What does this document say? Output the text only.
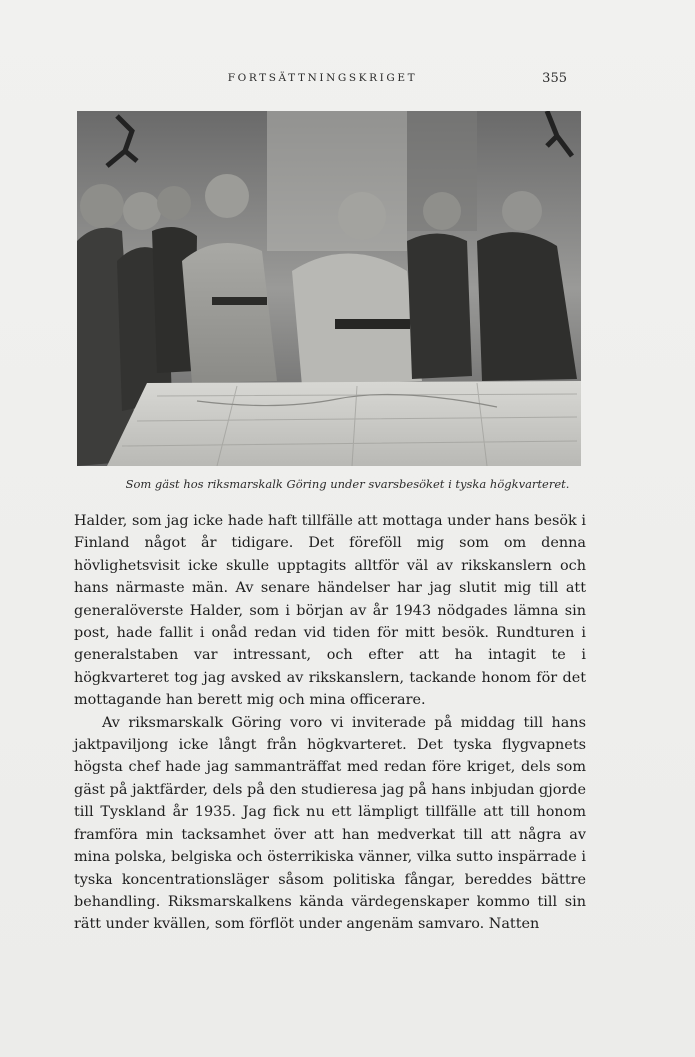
FORTSÄTTNINGSKRIGET	355
Som gäst hos riksmarskalk Göring under svarsbesöket i tyska högkvarteret.

Halder, som jag icke hade haft tillfälle att mottaga under hans besök i Finland något år tidigare. Det föreföll mig som om denna hövlighetsvisit icke skulle upptagits alltför väl av rikskanslern och hans närmaste män. Av senare händelser har jag slutit mig till att generalöverste Halder, som i början av år 1943 nödgades lämna sin post, hade fallit i onåd redan vid tiden för mitt besök. Rundturen i generalstaben var intressant, och efter att ha intagit te i högkvarteret tog jag avsked av rikskanslern, tackande honom för det mottagande han berett mig och mina officerare.

Av riksmarskalk Göring voro vi inviterade på middag till hans jaktpaviljong icke långt från högkvarteret. Det tyska flygvapnets högsta chef hade jag sammanträffat med redan före kriget, dels som gäst på jaktfärder, dels på den studieresa jag på hans inbjudan gjorde till Tyskland år 1935. Jag fick nu ett lämpligt tillfälle att till honom framföra min tacksamhet över att han medverkat till att några av mina polska, belgiska och österrikiska vänner, vilka sutto inspärrade i tyska koncentrationsläger såsom politiska fångar, bereddes bättre behandling. Riksmarskalkens kända värdegenskaper kommo till sin rätt under kvällen, som förflöt under angenäm samvaro. Natten
